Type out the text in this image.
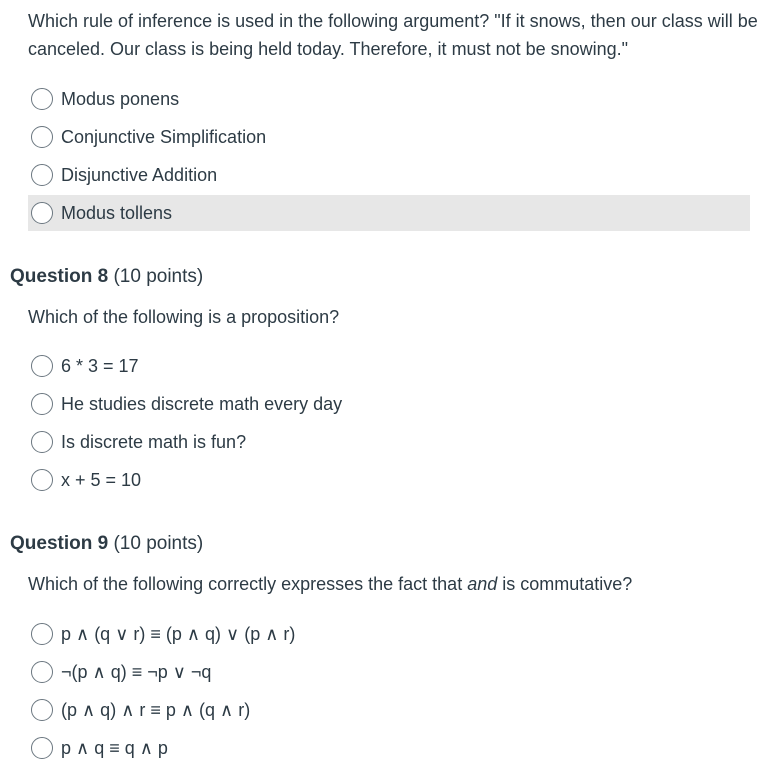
Which rule of inference is used in the following argument? "If it snows, then our class will be canceled. Our class is being held today. Therefore, it must not be snowing."

Modus ponens
Conjunctive Simplification
Disjunctive Addition
Modus tollens
Question 8 (10 points)

Which of the following is a proposition?

6 * 3 = 17
He studies discrete math every day
Is discrete math is fun?
x + 5 = 10
Question 9 (10 points)

Which of the following correctly expresses the fact that and is commutative?

p ∧ (q ∨ r) ≡ (p ∧ q) ∨ (p ∧ r)
¬(p ∧ q) ≡ ¬p ∨ ¬q
(p ∧ q) ∧ r ≡ p ∧ (q ∧ r)
p ∧ q ≡ q ∧ p
